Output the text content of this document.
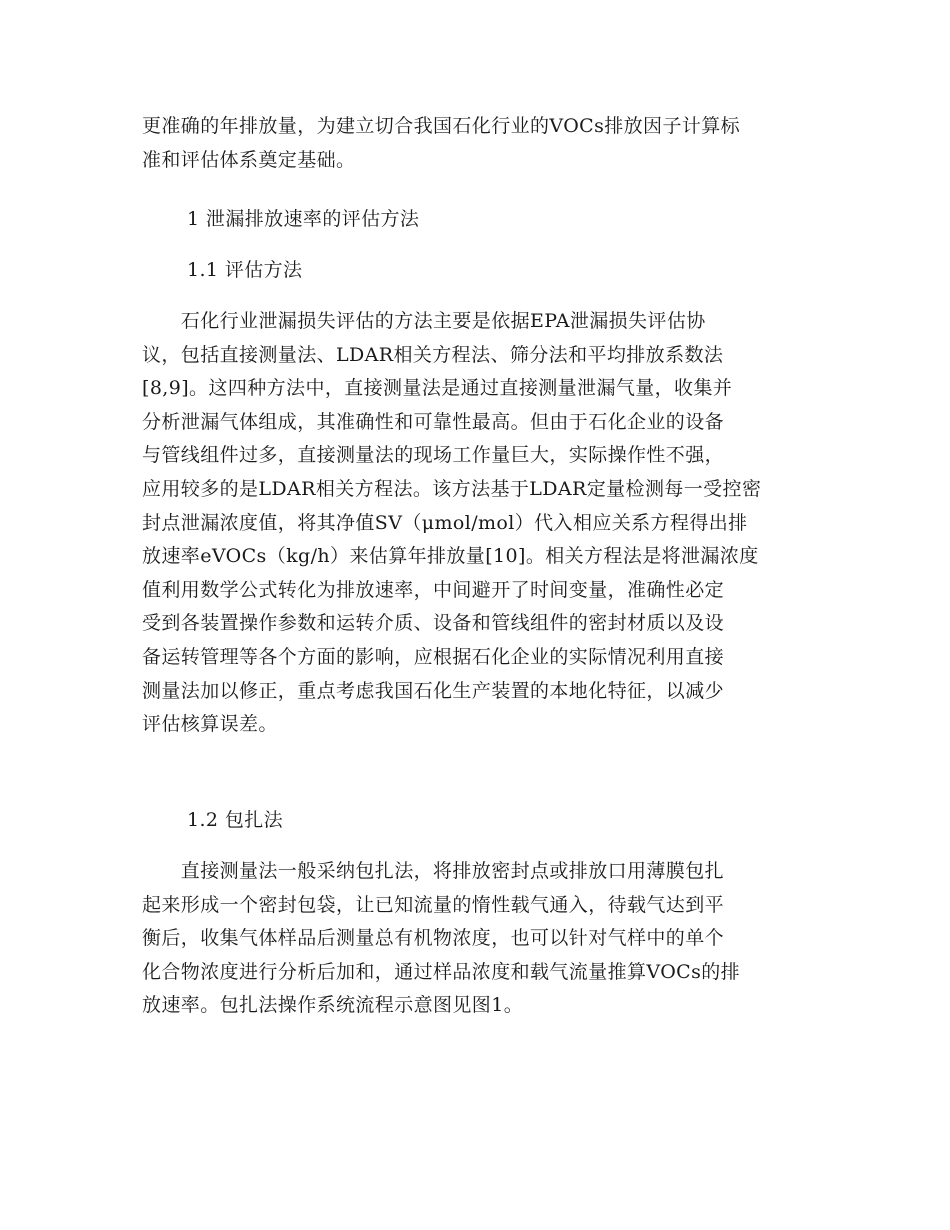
更准确的年排放量，为建立切合我国石化行业的VOCs排放因子计算标
准和评估体系奠定基础。
1 泄漏排放速率的评估方法
1.1 评估方法
　　石化行业泄漏损失评估的方法主要是依据EPA泄漏损失评估协
议，包括直接测量法、LDAR相关方程法、筛分法和平均排放系数法
[8,9]。这四种方法中，直接测量法是通过直接测量泄漏气量，收集并
分析泄漏气体组成，其准确性和可靠性最高。但由于石化企业的设备
与管线组件过多，直接测量法的现场工作量巨大，实际操作性不强，
应用较多的是LDAR相关方程法。该方法基于LDAR定量检测每一受控密
封点泄漏浓度值，将其净值SV（μmol/mol）代入相应关系方程得出排
放速率eVOCs（kg/h）来估算年排放量[10]。相关方程法是将泄漏浓度
值利用数学公式转化为排放速率，中间避开了时间变量，准确性必定
受到各装置操作参数和运转介质、设备和管线组件的密封材质以及设
备运转管理等各个方面的影响，应根据石化企业的实际情况利用直接
测量法加以修正，重点考虑我国石化生产装置的本地化特征，以减少
评估核算误差。
1.2 包扎法
　　直接测量法一般采纳包扎法，将排放密封点或排放口用薄膜包扎
起来形成一个密封包袋，让已知流量的惰性载气通入，待载气达到平
衡后，收集气体样品后测量总有机物浓度，也可以针对气样中的单个
化合物浓度进行分析后加和，通过样品浓度和载气流量推算VOCs的排
放速率。包扎法操作系统流程示意图见图1。
